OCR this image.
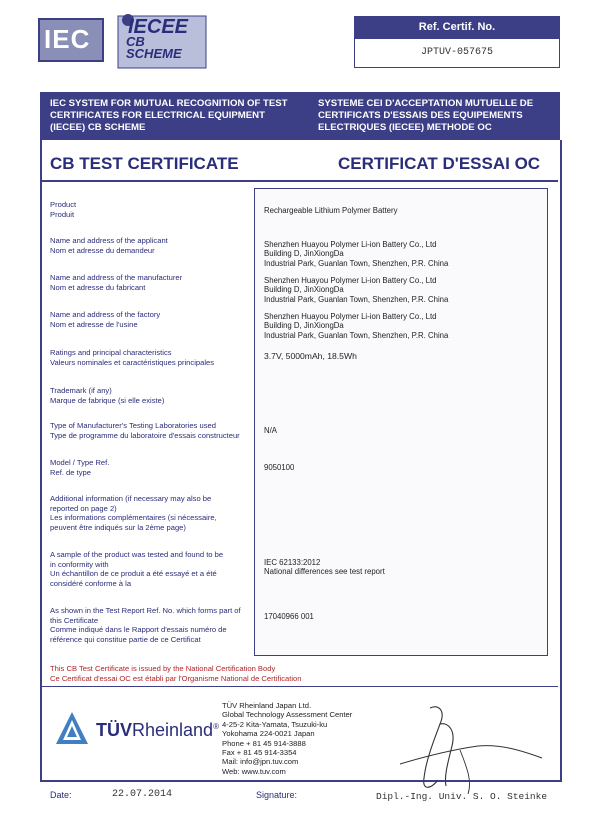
IEC IECEE
CB
SCHEME
Ref. Certif. No.
JPTUV-057675
IEC SYSTEM FOR MUTUAL RECOGNITION OF TEST CERTIFICATES FOR ELECTRICAL EQUIPMENT (IECEE) CB SCHEME
SYSTEME CEI D'ACCEPTATION MUTUELLE DE CERTIFICATS D'ESSAIS DES EQUIPEMENTS ELECTRIQUES (IECEE) METHODE OC
CB TEST CERTIFICATE	CERTIFICAT D'ESSAI OC
Product
Produit	Rechargeable Lithium Polymer Battery
Name and address of the applicant
Nom et adresse du demandeur
Shenzhen Huayou Polymer Li-ion Battery Co., Ltd
Building D, JinXiongDa
Industrial Park, Guanlan Town, Shenzhen, P.R. China
Name and address of the manufacturer
Nom et adresse du fabricant
Shenzhen Huayou Polymer Li-ion Battery Co., Ltd
Building D, JinXiongDa
Industrial Park, Guanlan Town, Shenzhen, P.R. China
Name and address of the factory
Nom et adresse de l'usine
Shenzhen Huayou Polymer Li-ion Battery Co., Ltd
Building D, JinXiongDa
Industrial Park, Guanlan Town, Shenzhen, P.R. China
Ratings and principal characteristics
Valeurs nominales et caractéristiques principales
3.7V, 5000mAh, 18.5Wh
Trademark (if any)
Marque de fabrique (si elle existe)
Type of Manufacturer's Testing Laboratories used
Type de programme du laboratoire d'essais constructeur
N/A
Model / Type Ref.
Ref. de type
9050100
Additional information (if necessary may also be reported on page 2)
Les informations complémentaires (si nécessaire, peuvent être indiqués sur la 2ème page)
A sample of the product was tested and found to be in conformity with
Un échantillon de ce produit a été essayé et a été considéré conforme à la
IEC 62133:2012
National differences see test report
As shown in the Test Report Ref. No. which forms part of this Certificate
Comme indiqué dans le Rapport d'essais numéro de référence qui constitue partie de ce Certificat
17040966 001
This CB Test Certificate is issued by the National Certification Body
Ce Certificat d'essai OC est établi par l'Organisme National de Certification
TÜVRheinland®
TÜV Rheinland Japan Ltd.
Global Technology Assessment Center
4-25-2 Kita-Yamata, Tsuzuki-ku
Yokohama 224-0021 Japan
Phone + 81 45 914-3888
Fax + 81 45 914-3354
Mail: info@jpn.tuv.com
Web: www.tuv.com
Date:	22.07.2014	Signature:	Dipl.-Ing. Univ. S. O. Steinke
